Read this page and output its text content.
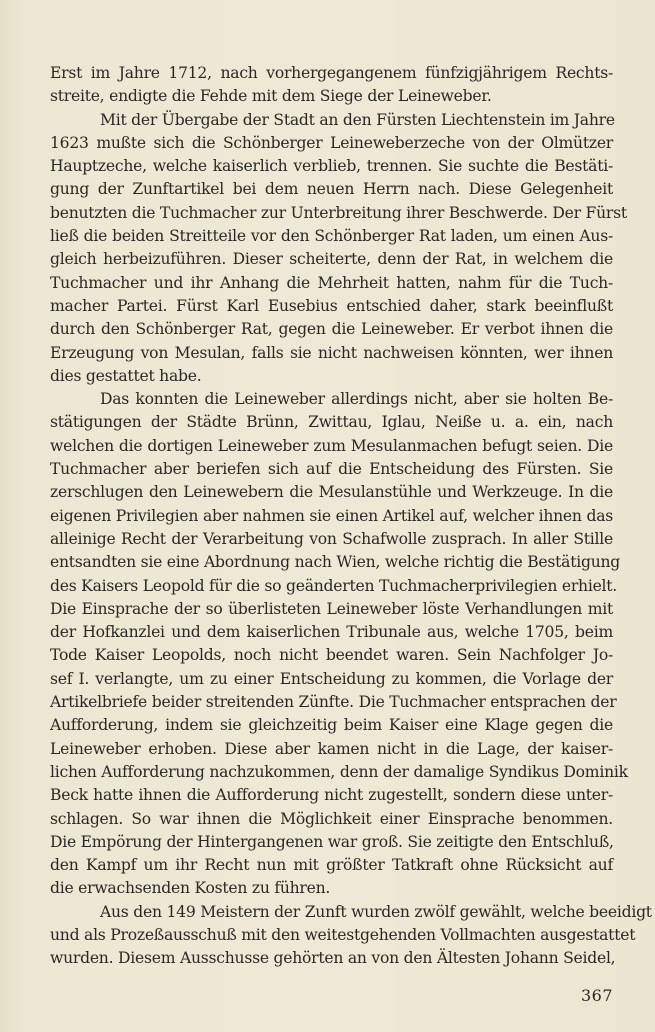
Erst im Jahre 1712, nach vorhergegangenem fünfzigjährigem Rechts-
streite, endigte die Fehde mit dem Siege der Leineweber.
Mit der Übergabe der Stadt an den Fürsten Liechtenstein im Jahre
1623 mußte sich die Schönberger Leineweberzeche von der Olmützer
Hauptzeche, welche kaiserlich verblieb, trennen. Sie suchte die Bestäti-
gung der Zunftartikel bei dem neuen Herrn nach. Diese Gelegenheit
benutzten die Tuchmacher zur Unterbreitung ihrer Beschwerde. Der Fürst
ließ die beiden Streitteile vor den Schönberger Rat laden, um einen Aus-
gleich herbeizuführen. Dieser scheiterte, denn der Rat, in welchem die
Tuchmacher und ihr Anhang die Mehrheit hatten, nahm für die Tuch-
macher Partei. Fürst Karl Eusebius entschied daher, stark beeinflußt
durch den Schönberger Rat, gegen die Leineweber. Er verbot ihnen die
Erzeugung von Mesulan, falls sie nicht nachweisen könnten, wer ihnen
dies gestattet habe.
Das konnten die Leineweber allerdings nicht, aber sie holten Be-
stätigungen der Städte Brünn, Zwittau, Iglau, Neiße u. a. ein, nach
welchen die dortigen Leineweber zum Mesulanmachen befugt seien. Die
Tuchmacher aber beriefen sich auf die Entscheidung des Fürsten. Sie
zerschlugen den Leinewebern die Mesulanstühle und Werkzeuge. In die
eigenen Privilegien aber nahmen sie einen Artikel auf, welcher ihnen das
alleinige Recht der Verarbeitung von Schafwolle zusprach. In aller Stille
entsandten sie eine Abordnung nach Wien, welche richtig die Bestätigung
des Kaisers Leopold für die so geänderten Tuchmacherprivilegien erhielt.
Die Einsprache der so überlisteten Leineweber löste Verhandlungen mit
der Hofkanzlei und dem kaiserlichen Tribunale aus, welche 1705, beim
Tode Kaiser Leopolds, noch nicht beendet waren. Sein Nachfolger Jo-
sef I. verlangte, um zu einer Entscheidung zu kommen, die Vorlage der
Artikelbriefe beider streitenden Zünfte. Die Tuchmacher entsprachen der
Aufforderung, indem sie gleichzeitig beim Kaiser eine Klage gegen die
Leineweber erhoben. Diese aber kamen nicht in die Lage, der kaiser-
lichen Aufforderung nachzukommen, denn der damalige Syndikus Dominik
Beck hatte ihnen die Aufforderung nicht zugestellt, sondern diese unter-
schlagen. So war ihnen die Möglichkeit einer Einsprache benommen.
Die Empörung der Hintergangenen war groß. Sie zeitigte den Entschluß,
den Kampf um ihr Recht nun mit größter Tatkraft ohne Rücksicht auf
die erwachsenden Kosten zu führen.
Aus den 149 Meistern der Zunft wurden zwölf gewählt, welche beeidigt
und als Prozeßausschuß mit den weitestgehenden Vollmachten ausgestattet
wurden. Diesem Ausschusse gehörten an von den Ältesten Johann Seidel,
367
